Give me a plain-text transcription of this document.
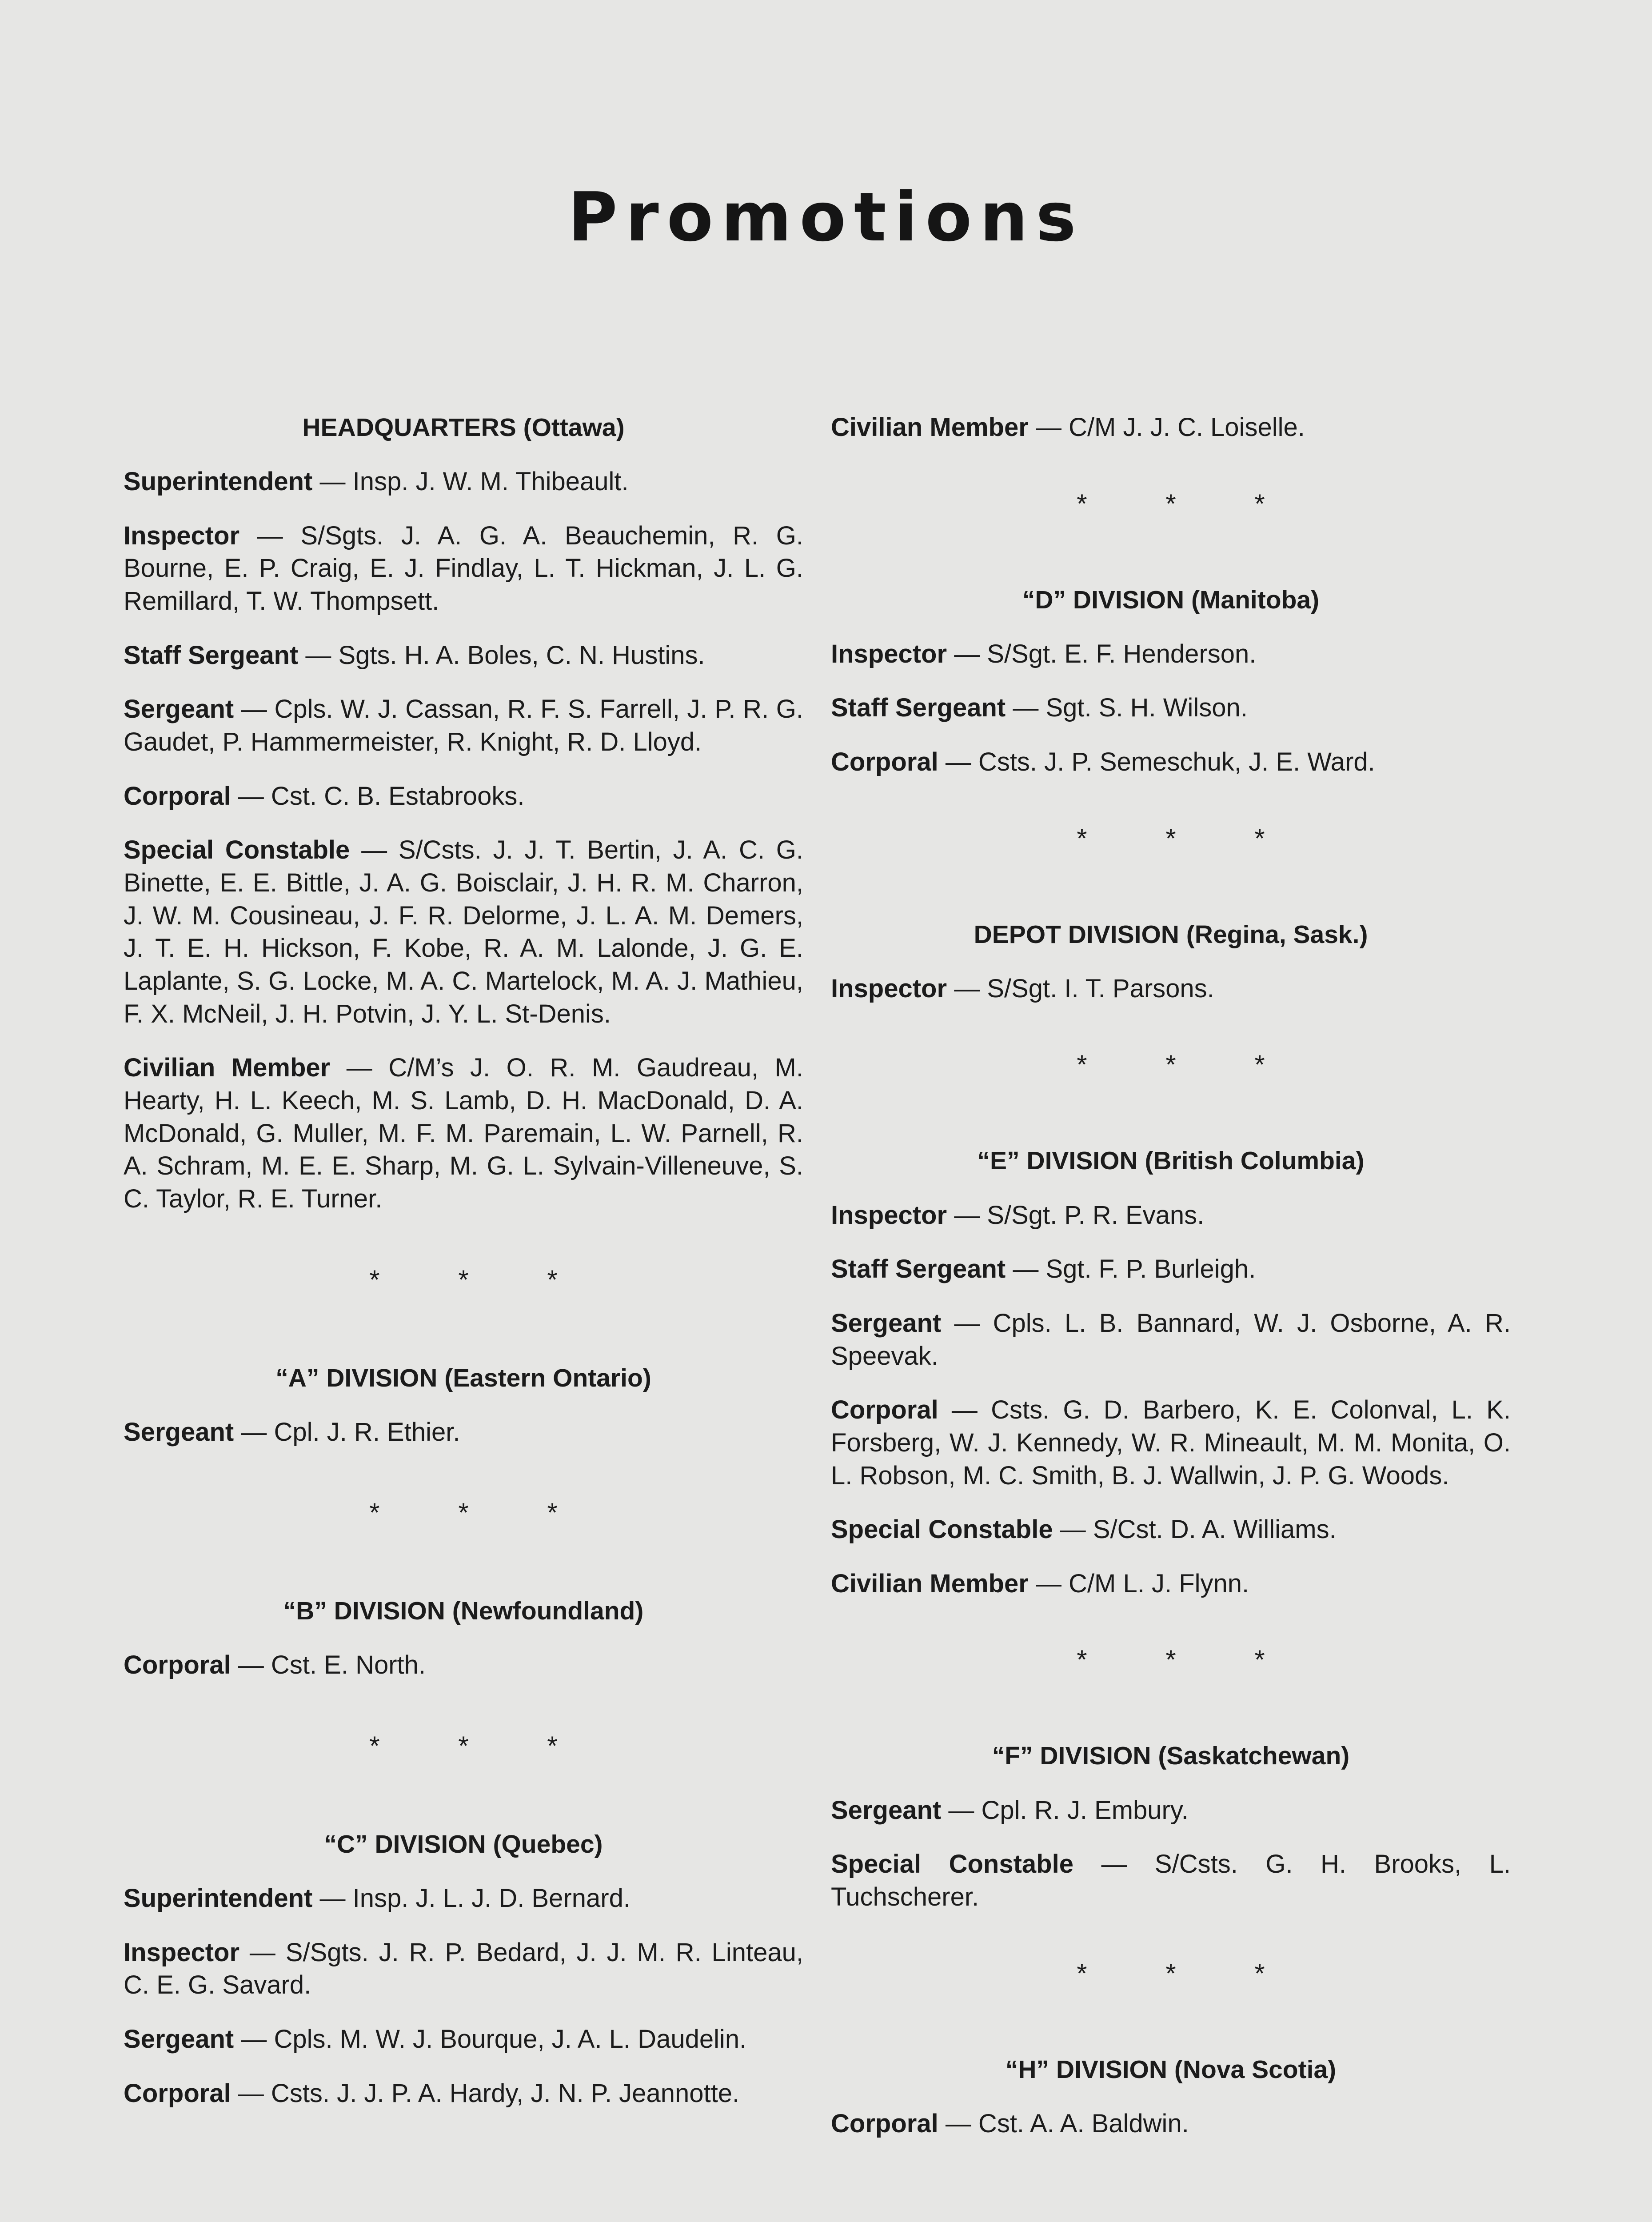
Promotions
HEADQUARTERS (Ottawa)
Superintendent — Insp. J. W. M. Thibeault.
Inspector — S/Sgts. J. A. G. A. Beauchemin, R. G. Bourne, E. P. Craig, E. J. Findlay, L. T. Hickman, J. L. G. Remillard, T. W. Thompsett.
Staff Sergeant — Sgts. H. A. Boles, C. N. Hustins.
Sergeant — Cpls. W. J. Cassan, R. F. S. Farrell, J. P. R. G. Gaudet, P. Hammermeister, R. Knight, R. D. Lloyd.
Corporal — Cst. C. B. Estabrooks.
Special Constable — S/Csts. J. J. T. Bertin, J. A. C. G. Binette, E. E. Bittle, J. A. G. Boisclair, J. H. R. M. Charron, J. W. M. Cousineau, J. F. R. Delorme, J. L. A. M. Demers, J. T. E. H. Hickson, F. Kobe, R. A. M. Lalonde, J. G. E. Laplante, S. G. Locke, M. A. C. Martelock, M. A. J. Mathieu, F. X. McNeil, J. H. Potvin, J. Y. L. St-Denis.
Civilian Member — C/M’s J. O. R. M. Gaudreau, M. Hearty, H. L. Keech, M. S. Lamb, D. H. MacDonald, D. A. McDonald, G. Muller, M. F. M. Paremain, L. W. Parnell, R. A. Schram, M. E. E. Sharp, M. G. L. Sylvain-Villeneuve, S. C. Taylor, R. E. Turner.
* * *
“A” DIVISION (Eastern Ontario)
Sergeant — Cpl. J. R. Ethier.
* * *
“B” DIVISION (Newfoundland)
Corporal — Cst. E. North.
* * *
“C” DIVISION (Quebec)
Superintendent — Insp. J. L. J. D. Bernard.
Inspector — S/Sgts. J. R. P. Bedard, J. J. M. R. Linteau, C. E. G. Savard.
Sergeant — Cpls. M. W. J. Bourque, J. A. L. Daudelin.
Corporal — Csts. J. J. P. A. Hardy, J. N. P. Jeannotte.
Civilian Member — C/M J. J. C. Loiselle.
* * *
“D” DIVISION (Manitoba)
Inspector — S/Sgt. E. F. Henderson.
Staff Sergeant — Sgt. S. H. Wilson.
Corporal — Csts. J. P. Semeschuk, J. E. Ward.
* * *
DEPOT DIVISION (Regina, Sask.)
Inspector — S/Sgt. I. T. Parsons.
* * *
“E” DIVISION (British Columbia)
Inspector — S/Sgt. P. R. Evans.
Staff Sergeant — Sgt. F. P. Burleigh.
Sergeant — Cpls. L. B. Bannard, W. J. Osborne, A. R. Speevak.
Corporal — Csts. G. D. Barbero, K. E. Colonval, L. K. Forsberg, W. J. Kennedy, W. R. Mineault, M. M. Monita, O. L. Robson, M. C. Smith, B. J. Wallwin, J. P. G. Woods.
Special Constable — S/Cst. D. A. Williams.
Civilian Member — C/M L. J. Flynn.
* * *
“F” DIVISION (Saskatchewan)
Sergeant — Cpl. R. J. Embury.
Special Constable — S/Csts. G. H. Brooks, L. Tuchscherer.
* * *
“H” DIVISION (Nova Scotia)
Corporal — Cst. A. A. Baldwin.
